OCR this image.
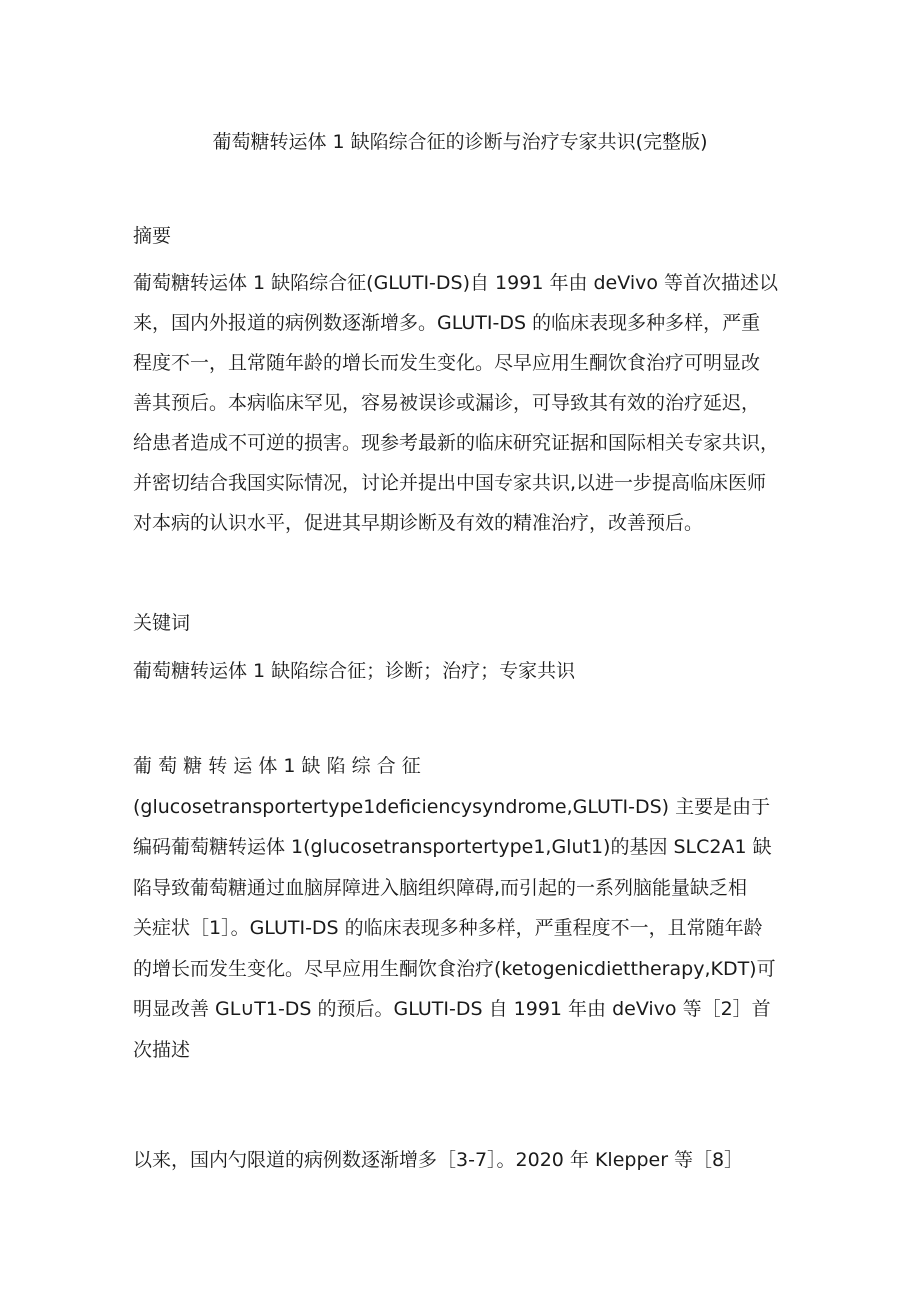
葡萄糖转运体 1 缺陷综合征的诊断与治疗专家共识(完整版)
摘要
葡萄糖转运体 1 缺陷综合征(GLUTI-DS)自 1991 年由 deVivo 等首次描述以
来，国内外报道的病例数逐渐增多。GLUTI-DS 的临床表现多种多样，严重
程度不一，且常随年龄的增长而发生变化。尽早应用生酮饮食治疗可明显改
善其预后。本病临床罕见，容易被误诊或漏诊，可导致其有效的治疗延迟，
给患者造成不可逆的损害。现参考最新的临床研究证据和国际相关专家共识，
并密切结合我国实际情况，讨论并提出中国专家共识,以进一步提高临床医师
对本病的认识水平，促进其早期诊断及有效的精准治疗，改善预后。
关键词
葡萄糖转运体 1 缺陷综合征；诊断；治疗；专家共识
葡 萄 糖 转 运 体 1 缺 陷 综 合 征
(glucosetransportertype1deficiencysyndrome,GLUTI-DS) 主要是由于
编码葡萄糖转运体 1(glucosetransportertype1,Glut1)的基因 SLC2A1 缺
陷导致葡萄糖通过血脑屏障进入脑组织障碍,而引起的一系列脑能量缺乏相
关症状［1］。GLUTI-DS 的临床表现多种多样，严重程度不一，且常随年龄
的增长而发生变化。尽早应用生酮饮食治疗(ketogenicdiettherapy,KDT)可
明显改善 GL∪T1-DS 的预后。GLUTI-DS 自 1991 年由 deVivo 等［2］首
次描述
以来，国内勺限道的病例数逐渐增多［3-7］。2020 年 Klepper 等［8］
